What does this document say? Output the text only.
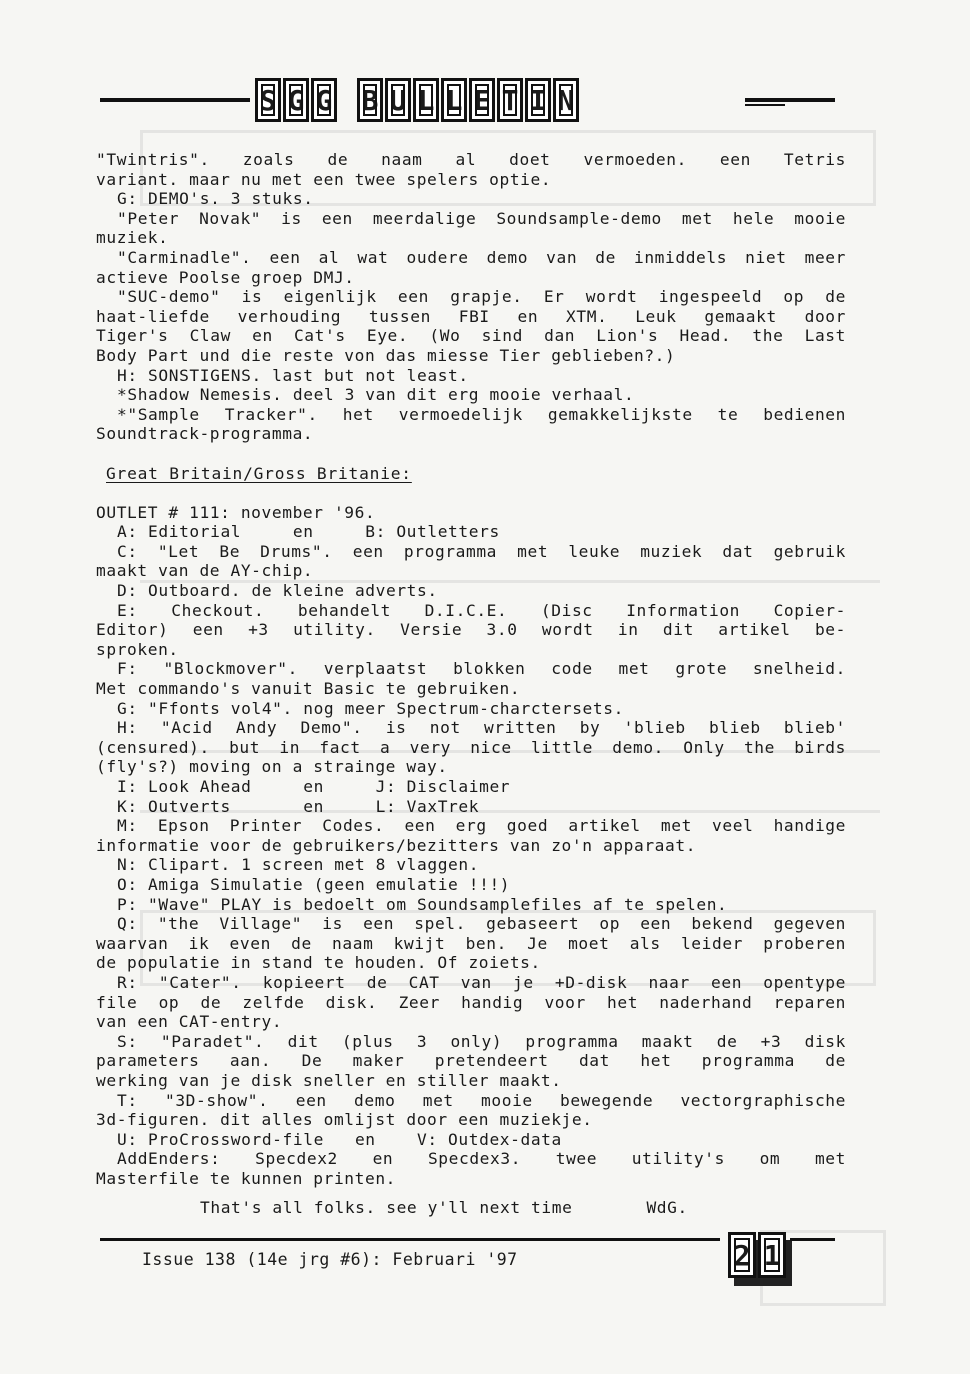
S G G B U L L E T I N

"Twintris". zoals de naam al doet vermoeden. een Tetris

variant. maar nu met een twee spelers optie.

G: DEMO's. 3 stuks.

"Peter Novak" is een meerdalige Soundsample-demo met hele mooie

muziek.

"Carminadle". een al wat oudere demo van de inmiddels niet meer

actieve Poolse groep DMJ.

"SUC-demo" is eigenlijk een grapje. Er wordt ingespeeld op de

haat-liefde verhouding tussen FBI en XTM. Leuk gemaakt door

Tiger's Claw en Cat's Eye. (Wo sind dan Lion's Head. the Last

Body Part und die reste von das miesse Tier geblieben?.)

H: SONSTIGENS. last but not least.

*Shadow Nemesis. deel 3 van dit erg mooie verhaal.

*"Sample Tracker". het vermoedelijk gemakkelijkste te bedienen

Soundtrack-programma.

Great Britain/Gross Britanie:

OUTLET # 111: november '96.

A: Editorial     en     B: Outletters

C: "Let Be Drums". een programma met leuke muziek dat gebruik

maakt van de AY-chip.

D: Outboard. de kleine adverts.

E: Checkout. behandelt D.I.C.E. (Disc Information Copier-

Editor) een +3 utility. Versie 3.0 wordt in dit artikel be-

sproken.

F: "Blockmover". verplaatst blokken code met grote snelheid.

Met commando's vanuit Basic te gebruiken.

G: "Ffonts vol4". nog meer Spectrum-charctersets.

H: "Acid Andy Demo". is not written by 'blieb blieb blieb'

(censured). but in fact a very nice little demo. Only the birds

(fly's?) moving on a strainge way.

I: Look Ahead     en     J: Disclaimer

K: Outverts       en     L: VaxTrek

M: Epson Printer Codes. een erg goed artikel met veel handige

informatie voor de gebruikers/bezitters van zo'n apparaat.

N: Clipart. 1 screen met 8 vlaggen.

O: Amiga Simulatie (geen emulatie !!!)

P: "Wave" PLAY is bedoelt om Soundsamplefiles af te spelen.

Q: "the Village" is een spel. gebaseert op een bekend gegeven

waarvan ik even de naam kwijt ben. Je moet als leider proberen

de populatie in stand te houden. Of zoiets.

R: "Cater". kopieert de CAT van je +D-disk naar een opentype

file op de zelfde disk. Zeer handig voor het naderhand reparen

van een CAT-entry.

S: "Paradet". dit (plus 3 only) programma maakt de +3 disk

parameters aan. De maker pretendeert dat het programma de

werking van je disk sneller en stiller maakt.

T: "3D-show". een demo met mooie bewegende vectorgraphische

3d-figuren. dit alles omlijst door een muziekje.

U: ProCrossword-file   en    V: Outdex-data

AddEnders: Specdex2 en Specdex3. twee utility's om met

Masterfile te kunnen printen.

That's all folks. see y'll next time	WdG.

Issue 138 (14e jrg #6): Februari '97	2 1
